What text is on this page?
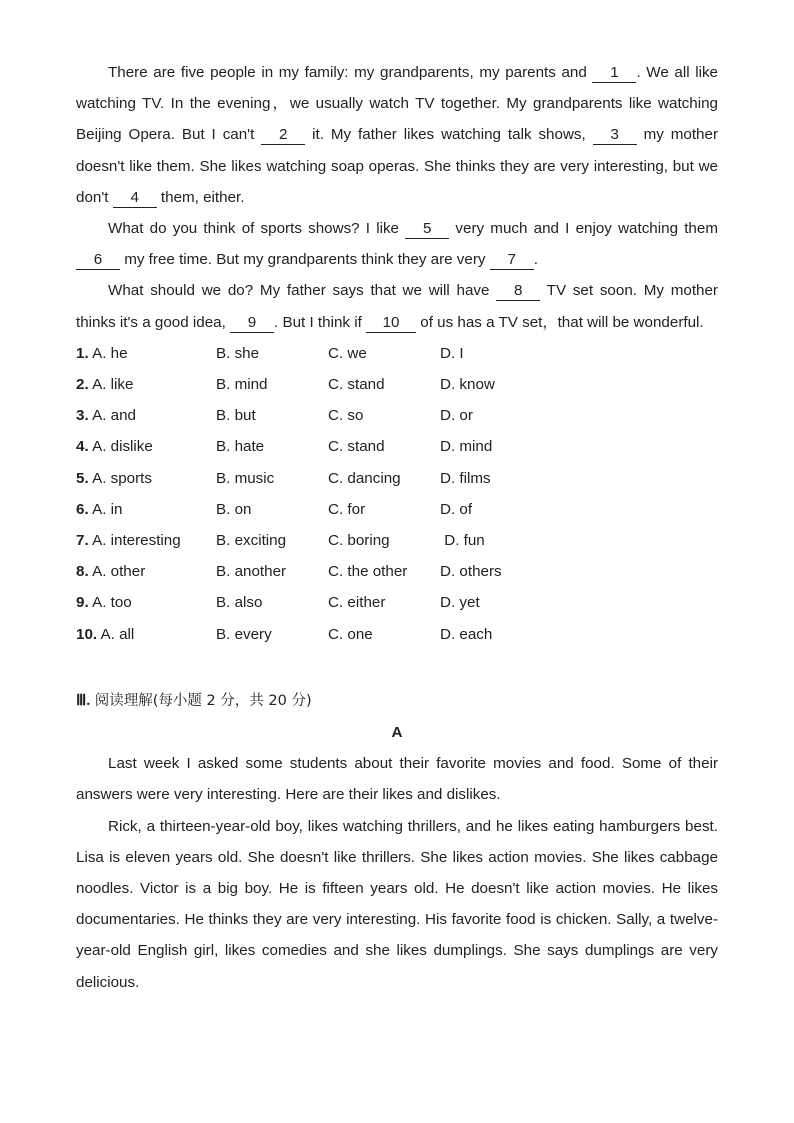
There are five people in my family: my grandparents, my parents and 1 . We all like watching TV. In the evening，we usually watch TV together. My grandparents like watching Beijing Opera. But I can't 2 it. My father likes watching talk shows, 3 my mother doesn't like them. She likes watching soap operas. She thinks they are very interesting, but we don't 4 them, either.

What do you think of sports shows? I like 5 very much and I enjoy watching them 6 my free time. But my grandparents think they are very 7 .

What should we do? My father says that we will have 8 TV set soon. My mother thinks it's a good idea, 9 . But I think if 10 of us has a TV set，that will be wonderful.

1. A. he	B. she	C. we	D. I
2. A. like	B. mind	C. stand	D. know
3. A. and	B. but	C. so	D. or
4. A. dislike	B. hate	C. stand	D. mind
5. A. sports	B. music	C. dancing	D. films
6. A. in	B. on	C. for	D. of
7. A. interesting	B. exciting	C. boring	D. fun
8. A. other	B. another	C. the other	D. others
9. A. too	B. also	C. either	D. yet
10. A. all	B. every	C. one	D. each
Ⅲ. 阅读理解(每小题 2 分，共 20 分)

A

Last week I asked some students about their favorite movies and food. Some of their answers were very interesting. Here are their likes and dislikes.

Rick, a thirteen-year-old boy, likes watching thrillers, and he likes eating hamburgers best. Lisa is eleven years old. She doesn't like thrillers. She likes action movies. She likes cabbage noodles. Victor is a big boy. He is fifteen years old. He doesn't like action movies. He likes documentaries. He thinks they are very interesting. His favorite food is chicken. Sally, a twelve-year-old English girl, likes comedies and she likes dumplings. She says dumplings are very delicious.
